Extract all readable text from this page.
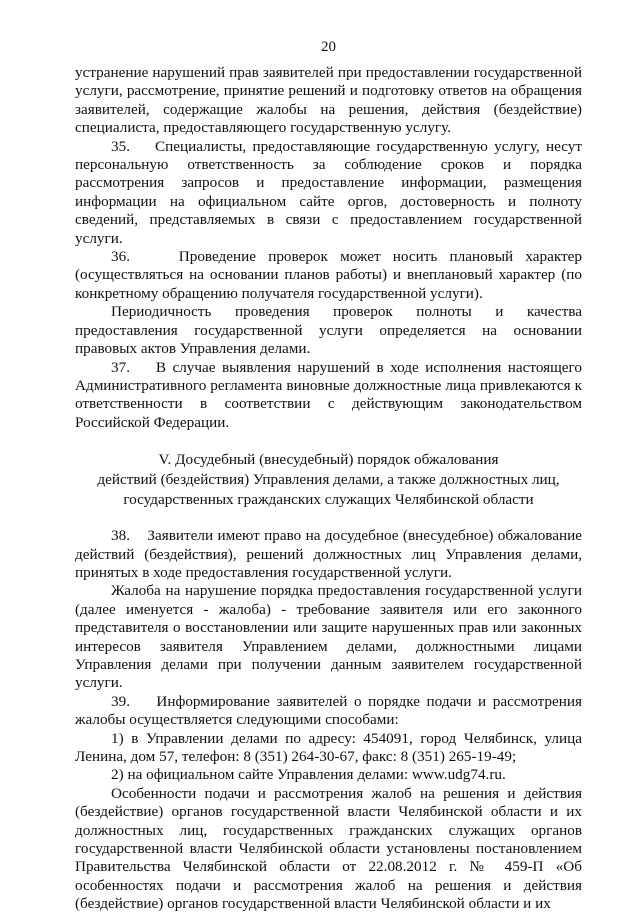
20

устранение нарушений прав заявителей при предоставлении государственной услуги, рассмотрение, принятие решений и подготовку ответов на обращения заявителей, содержащие жалобы на решения, действия (бездействие) специалиста, предоставляющего государственную услугу.

35.    Специалисты, предоставляющие государственную услугу, несут персональную ответственность за соблюдение сроков и порядка рассмотрения запросов и предоставление информации, размещения информации на официальном сайте оргов, достоверность и полноту сведений, представляемых в связи с предоставлением государственной услуги.

36.    Проведение проверок может носить плановый характер (осуществляться на основании планов работы) и внеплановый характер (по конкретному обращению получателя государственной услуги).

Периодичность проведения проверок полноты и качества предоставления государственной услуги определяется на основании правовых актов Управления делами.

37.    В случае выявления нарушений в ходе исполнения настоящего Административного регламента виновные должностные лица привлекаются к ответственности в соответствии с действующим законодательством Российской Федерации.

V. Досудебный (внесудебный) порядок обжалования
действий (бездействия) Управления делами, а также должностных лиц,
государственных гражданских служащих Челябинской области

38.    Заявители имеют право на досудебное (внесудебное) обжалование действий (бездействия), решений должностных лиц Управления делами, принятых в ходе предоставления государственной услуги.

Жалоба на нарушение порядка предоставления государственной услуги (далее именуется - жалоба) - требование заявителя или его законного представителя о восстановлении или защите нарушенных прав или законных интересов заявителя Управлением делами, должностными лицами Управления делами при получении данным заявителем государственной услуги.

39.    Информирование заявителей о порядке подачи и рассмотрения жалобы осуществляется следующими способами:

1) в Управлении делами по адресу: 454091, город Челябинск, улица Ленина, дом 57, телефон: 8 (351) 264-30-67, факс: 8 (351) 265-19-49;

2) на официальном сайте Управления делами: www.udg74.ru.

Особенности подачи и рассмотрения жалоб на решения и действия (бездействие) органов государственной власти Челябинской области и их должностных лиц, государственных гражданских служащих органов государственной власти Челябинской области установлены постановлением Правительства Челябинской области от 22.08.2012 г. № 459-П «Об особенностях подачи и рассмотрения жалоб на решения и действия (бездействие) органов государственной власти Челябинской области и их
